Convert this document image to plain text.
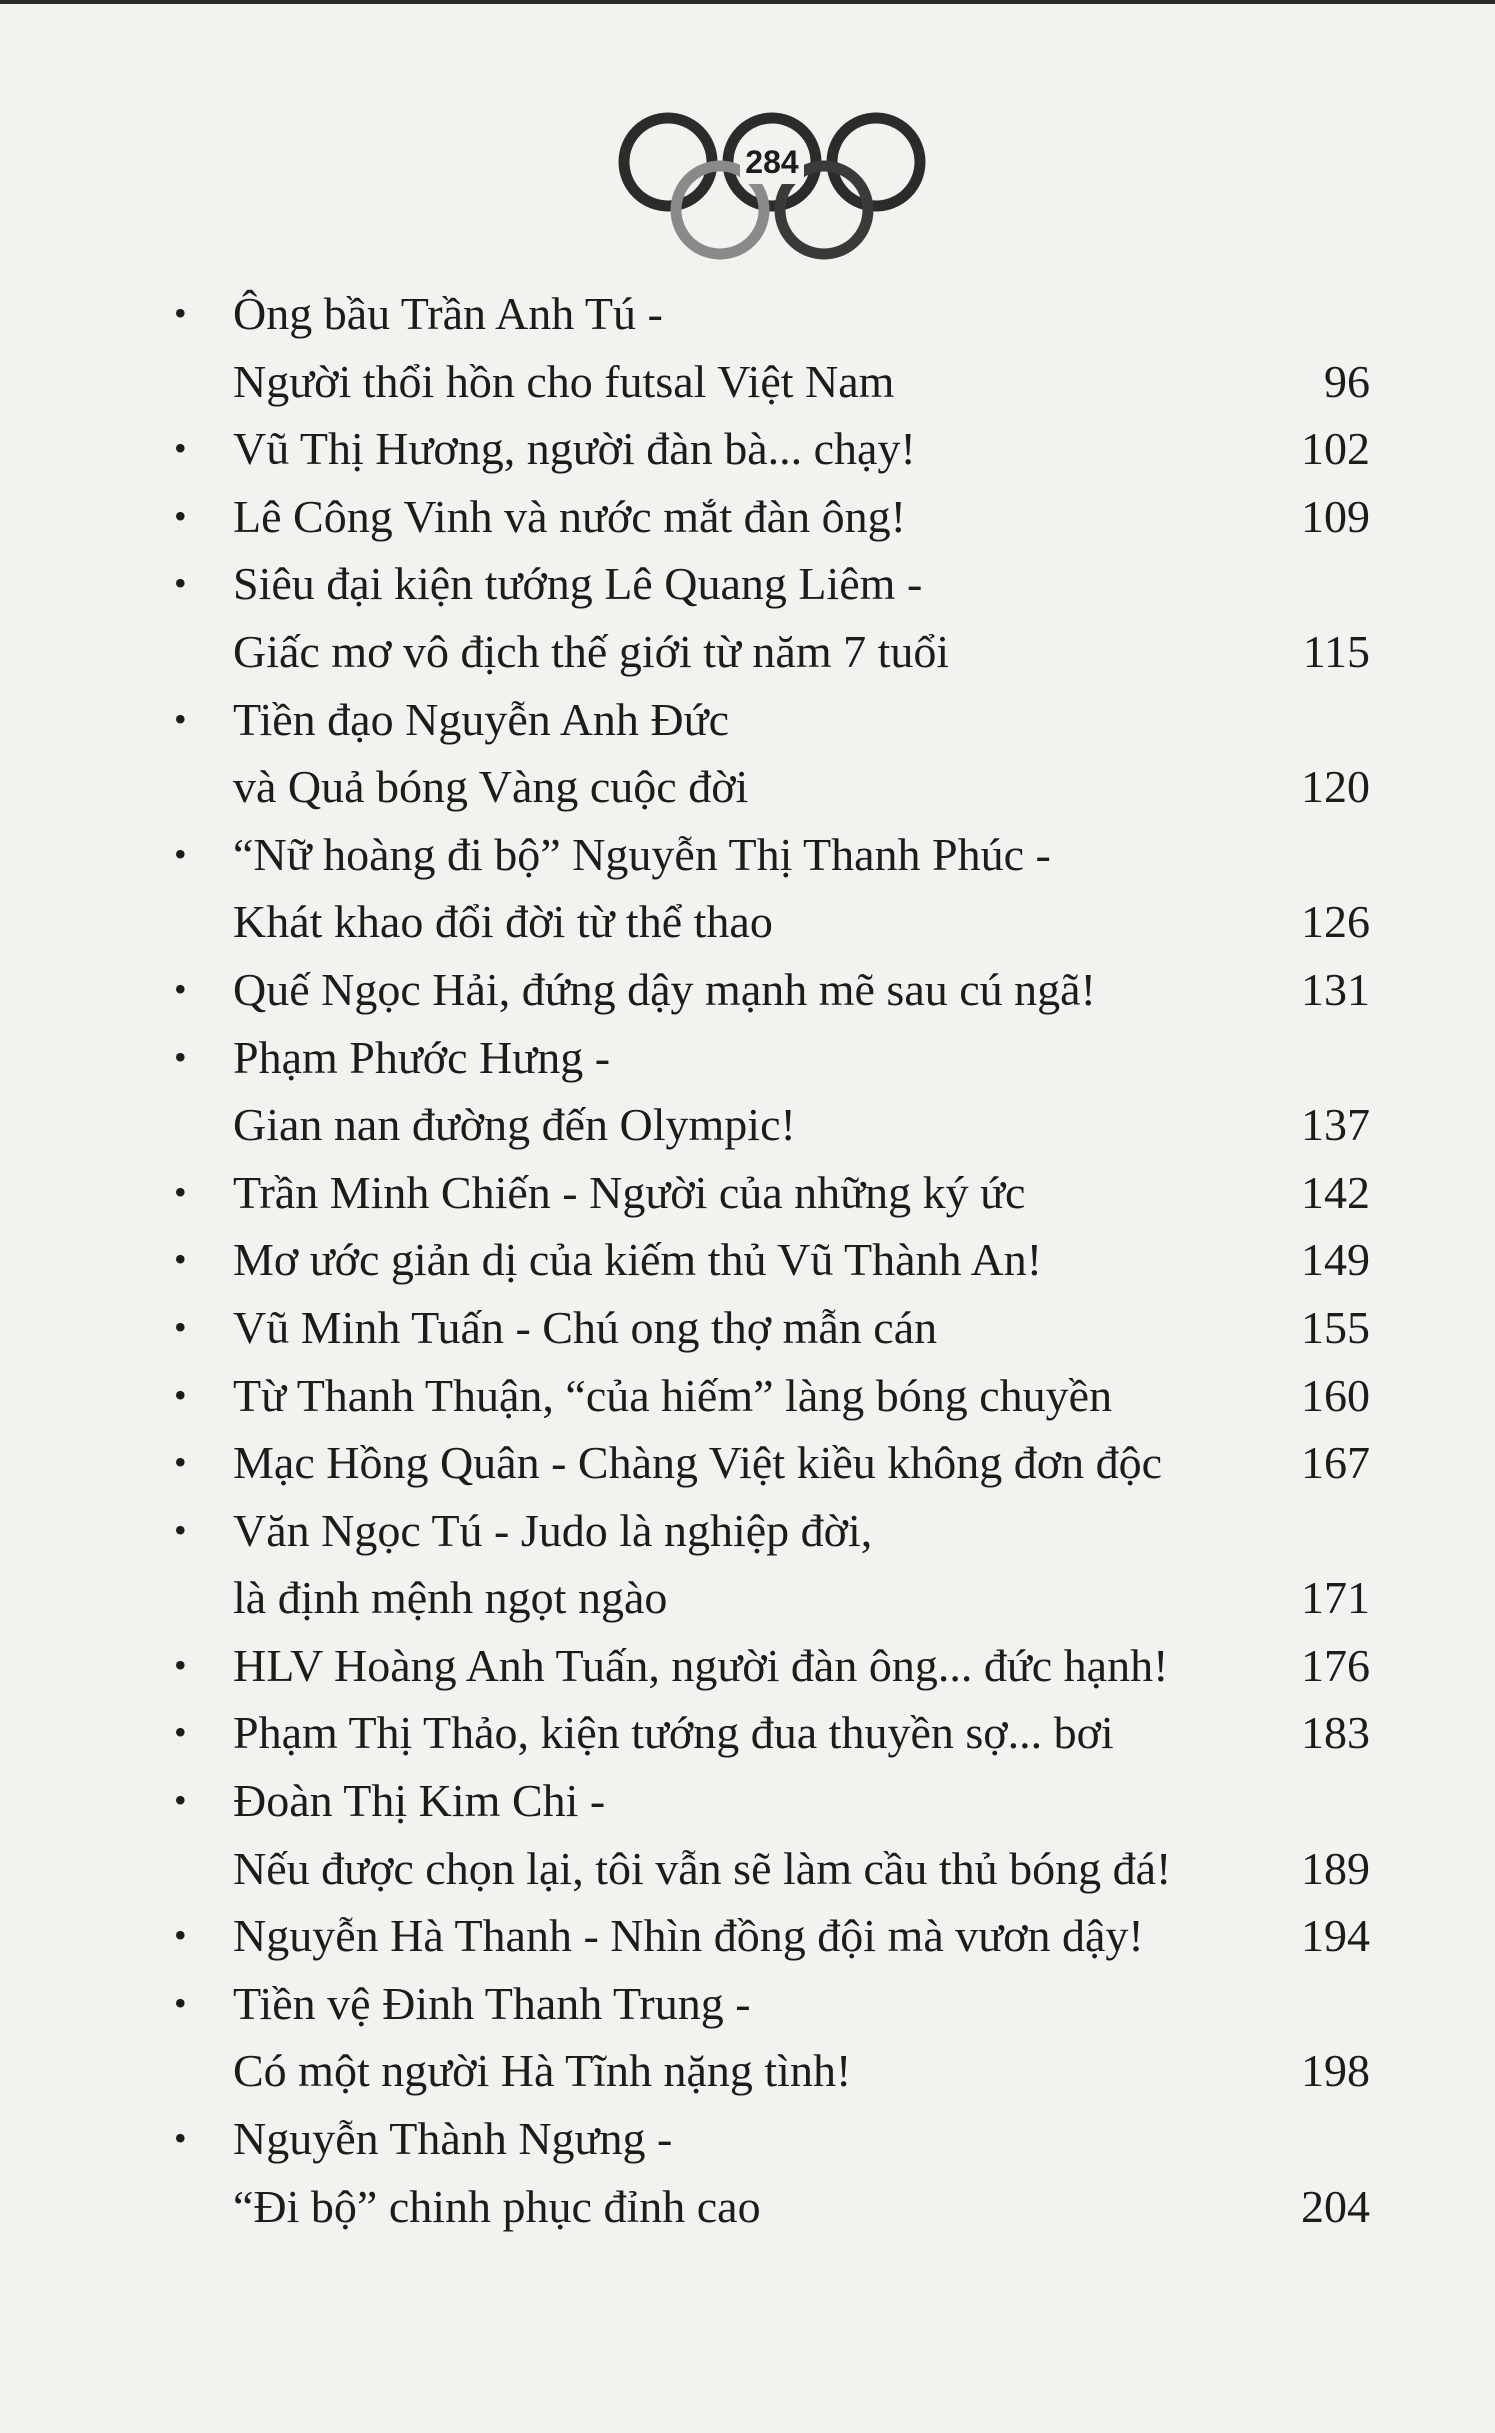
284
• Ông bầu Trần Anh Tú -
Người thổi hồn cho futsal Việt Nam	96
• Vũ Thị Hương, người đàn bà... chạy!	102
• Lê Công Vinh và nước mắt đàn ông!	109
• Siêu đại kiện tướng Lê Quang Liêm -
Giấc mơ vô địch thế giới từ năm 7 tuổi	115
• Tiền đạo Nguyễn Anh Đức
và Quả bóng Vàng cuộc đời	120
• “Nữ hoàng đi bộ” Nguyễn Thị Thanh Phúc -
Khát khao đổi đời từ thể thao	126
• Quế Ngọc Hải, đứng dậy mạnh mẽ sau cú ngã!	131
• Phạm Phước Hưng -
Gian nan đường đến Olympic!	137
• Trần Minh Chiến - Người của những ký ức	142
• Mơ ước giản dị của kiếm thủ Vũ Thành An!	149
• Vũ Minh Tuấn - Chú ong thợ mẫn cán	155
• Từ Thanh Thuận, “của hiếm” làng bóng chuyền	160
• Mạc Hồng Quân - Chàng Việt kiều không đơn độc	167
• Văn Ngọc Tú - Judo là nghiệp đời,
là định mệnh ngọt ngào	171
• HLV Hoàng Anh Tuấn, người đàn ông... đức hạnh!	176
• Phạm Thị Thảo, kiện tướng đua thuyền sợ... bơi	183
• Đoàn Thị Kim Chi -
Nếu được chọn lại, tôi vẫn sẽ làm cầu thủ bóng đá!	189
• Nguyễn Hà Thanh - Nhìn đồng đội mà vươn dậy!	194
• Tiền vệ Đinh Thanh Trung -
Có một người Hà Tĩnh nặng tình!	198
• Nguyễn Thành Ngưng -
“Đi bộ” chinh phục đỉnh cao	204
